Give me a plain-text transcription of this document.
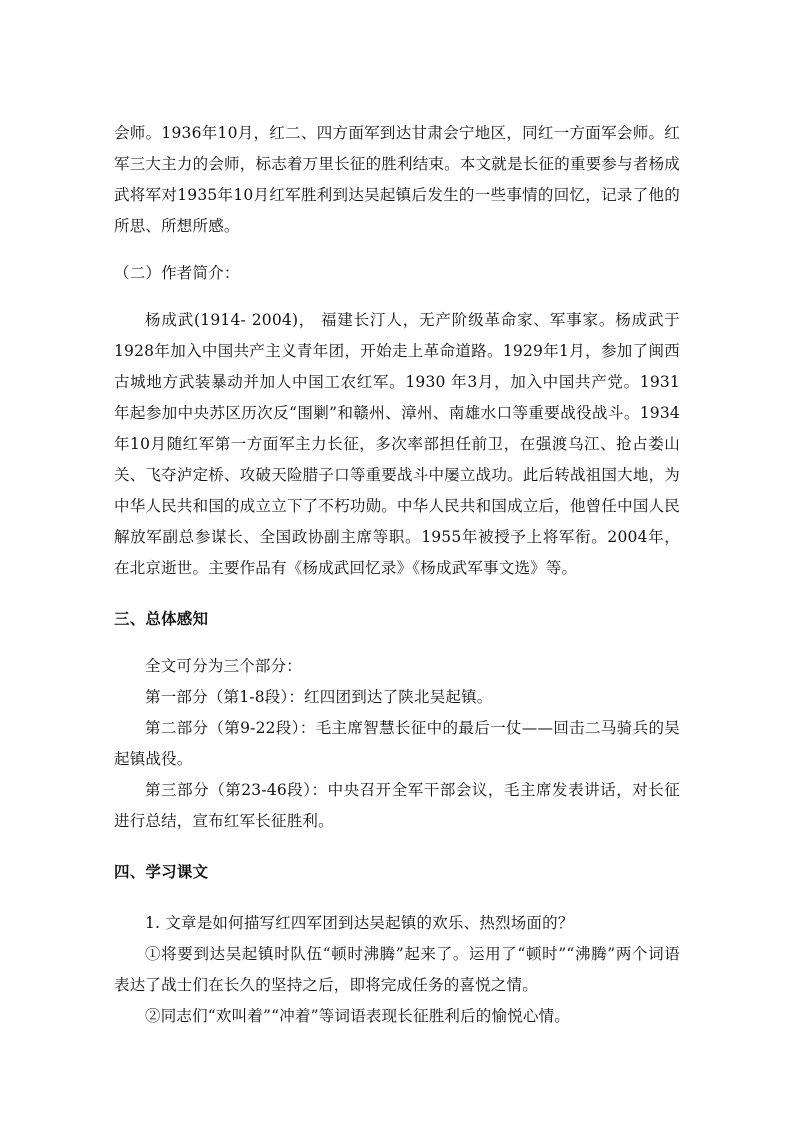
会师。1936年10月，红二、四方面军到达甘肃会宁地区，同红一方面军会师。红军三大主力的会师，标志着万里长征的胜利结束。本文就是长征的重要参与者杨成武将军对1935年10月红军胜利到达吴起镇后发生的一些事情的回忆，记录了他的所思、所想所感。

（二）作者简介：

杨成武(1914- 2004)， 福建长汀人，无产阶级革命家、军事家。杨成武于1928年加入中国共产主义青年团，开始走上革命道路。1929年1月，参加了闽西古城地方武装暴动并加人中国工农红军。1930 年3月，加入中国共产党。1931年起参加中央苏区历次反“围剿”和赣州、漳州、南雄水口等重要战役战斗。1934年10月随红军第一方面军主力长征，多次率部担任前卫，在强渡乌江、抢占娄山关、飞夺泸定桥、攻破天险腊子口等重要战斗中屡立战功。此后转战祖国大地，为中华人民共和国的成立立下了不朽功勋。中华人民共和国成立后，他曾任中国人民解放军副总参谋长、全国政协副主席等职。1955年被授予上将军衔。2004年，在北京逝世。主要作品有《杨成武回忆录》《杨成武军事文选》等。

三、总体感知

全文可分为三个部分：

第一部分（第1-8段）：红四团到达了陕北吴起镇。

第二部分（第9-22段）：毛主席智慧长征中的最后一仗——回击二马骑兵的吴起镇战役。

第三部分（第23-46段）：中央召开全军干部会议，毛主席发表讲话，对长征进行总结，宣布红军长征胜利。

四、学习课文

1. 文章是如何描写红四军团到达吴起镇的欢乐、热烈场面的？

①将要到达吴起镇时队伍“顿时沸腾”起来了。运用了“顿时”“沸腾”两个词语表达了战士们在长久的坚持之后，即将完成任务的喜悦之情。

②同志们“欢叫着”“冲着”等词语表现长征胜利后的愉悦心情。
